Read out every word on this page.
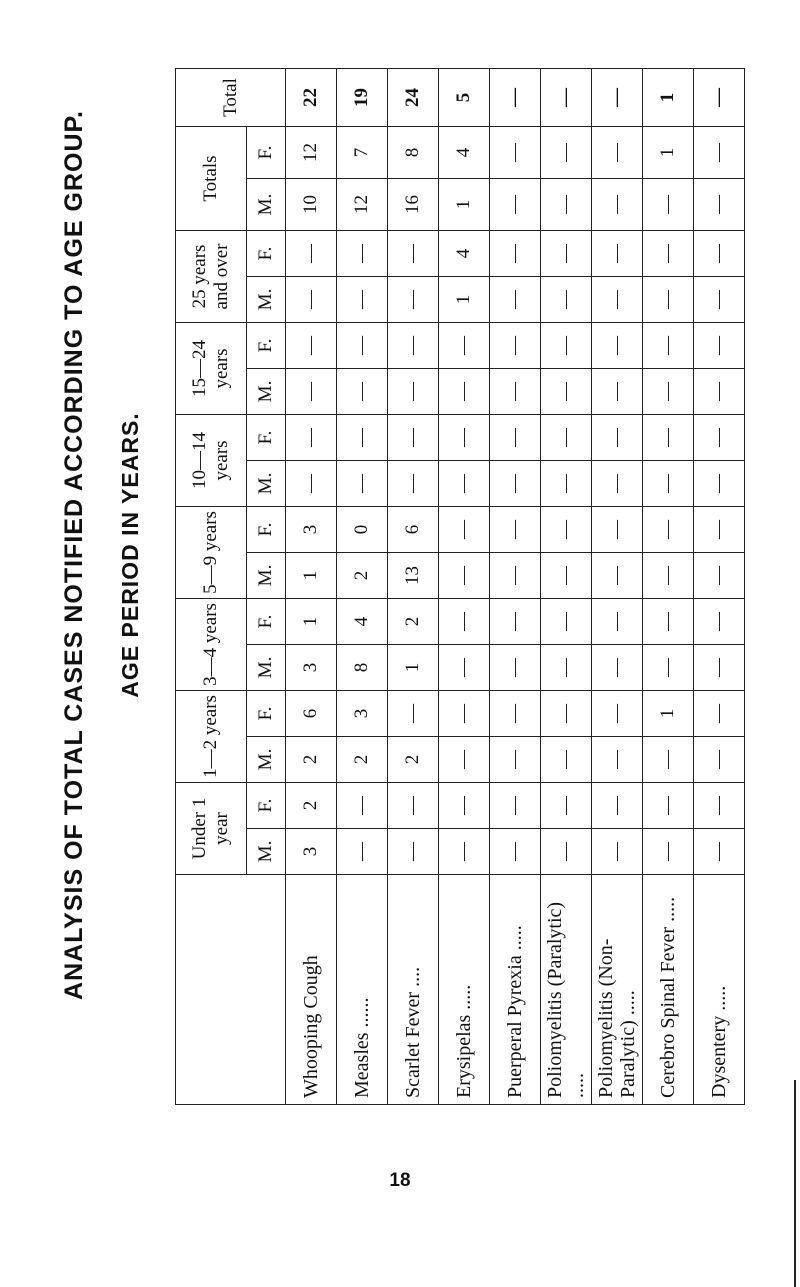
ANALYSIS OF TOTAL CASES NOTIFIED ACCORDING TO AGE GROUP. AGE PERIOD IN YEARS.
	Under 1 year		1—2 years		3—4 years		5—9 years		10—14 years		15—24 years		25 years and over		Totals		Total
	M.	F.	M.	F.	M.	F.	M.	F.	M.	F.	M.	F.	M.	F.	M.	F.	
Whooping Cough	3	2	2	6	3	1	1	3	—	—	—	—	—	—	10	12	22
Measles ......	—	—	2	3	8	4	2	0	—	—	—	—	—	—	12	7	19
Scarlet Fever ....	—	—	2	—	1	2	13	6	—	—	—	—	—	—	16	8	24
Erysipelas .....	—	—	—	—	—	—	—	—	—	—	—	—	1	4	1	4	5
Puerperal Pyrexia .....	—	—	—	—	—	—	—	—	—	—	—	—	—	—	—	—	—
Poliomyelitis (Paralytic) .....	—	—	—	—	—	—	—	—	—	—	—	—	—	—	—	—	—
Poliomyelitis (Non-Paralytic) .....	—	—	—	—	—	—	—	—	—	—	—	—	—	—	—	—	—
Cerebro Spinal Fever .....	—	—	—	1	—	—	—	—	—	—	—	—	—	—	—	1	1
Dysentery .....	—	—	—	—	—	—	—	—	—	—	—	—	—	—	—	—	—
18
